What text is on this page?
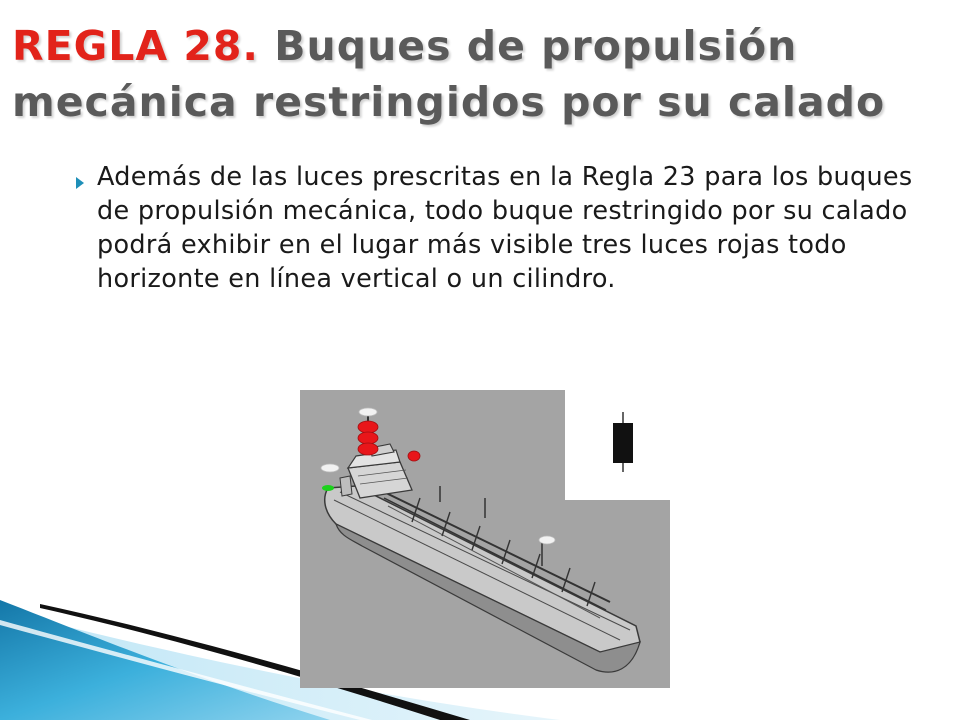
REGLA 28. Buques de propulsión mecánica restringidos por su calado

Además de las luces prescritas en la Regla 23 para los buques de propulsión mecánica, todo buque restringido por su calado podrá exhibir en el lugar más visible tres luces rojas todo horizonte en línea vertical o un cilindro.
